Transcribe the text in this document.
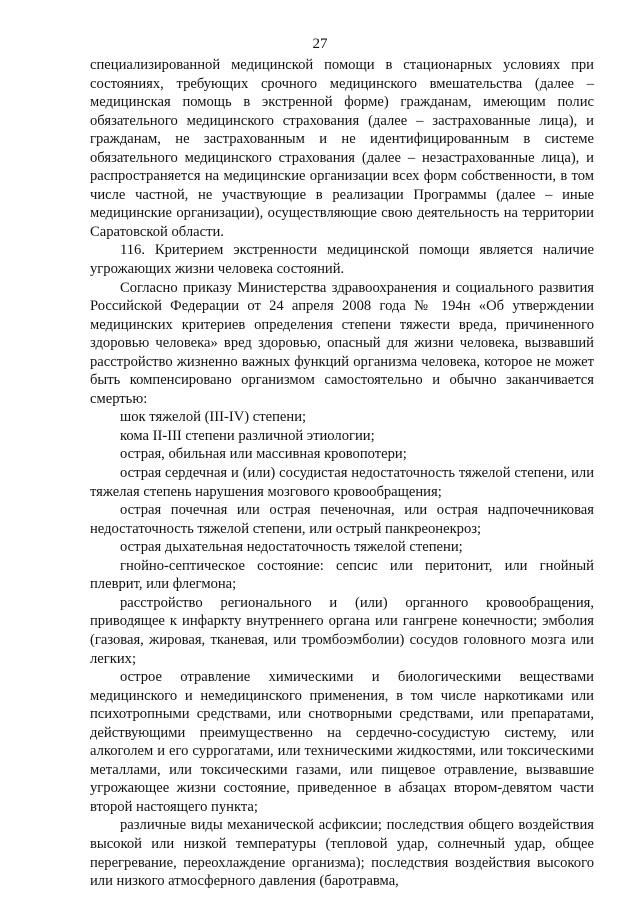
27

специализированной медицинской помощи в стационарных условиях при состояниях, требующих срочного медицинского вмешательства (далее – медицинская помощь в экстренной форме) гражданам, имеющим полис обязательного медицинского страхования (далее – застрахованные лица), и гражданам, не застрахованным и не идентифицированным в системе обязательного медицинского страхования (далее – незастрахованные лица), и распространяется на медицинские организации всех форм собственности, в том числе частной, не участвующие в реализации Программы (далее – иные медицинские организации), осуществляющие свою деятельность на территории Саратовской области.

116. Критерием экстренности медицинской помощи является наличие угрожающих жизни человека состояний.

Согласно приказу Министерства здравоохранения и социального развития Российской Федерации от 24 апреля 2008 года № 194н «Об утверждении медицинских критериев определения степени тяжести вреда, причиненного здоровью человека» вред здоровью, опасный для жизни человека, вызвавший расстройство жизненно важных функций организма человека, которое не может быть компенсировано организмом самостоятельно и обычно заканчивается смертью:

шок тяжелой (III-IV) степени;

кома II-III степени различной этиологии;

острая, обильная или массивная кровопотери;

острая сердечная и (или) сосудистая недостаточность тяжелой степени, или тяжелая степень нарушения мозгового кровообращения;

острая почечная или острая печеночная, или острая надпочечниковая недостаточность тяжелой степени, или острый панкреонекроз;

острая дыхательная недостаточность тяжелой степени;

гнойно-септическое состояние: сепсис или перитонит, или гнойный плеврит, или флегмона;

расстройство регионального и (или) органного кровообращения, приводящее к инфаркту внутреннего органа или гангрене конечности; эмболия (газовая, жировая, тканевая, или тромбоэмболии) сосудов головного мозга или легких;

острое отравление химическими и биологическими веществами медицинского и немедицинского применения, в том числе наркотиками или психотропными средствами, или снотворными средствами, или препаратами, действующими преимущественно на сердечно-сосудистую систему, или алкоголем и его суррогатами, или техническими жидкостями, или токсическими металлами, или токсическими газами, или пищевое отравление, вызвавшие угрожающее жизни состояние, приведенное в абзацах втором-девятом части второй настоящего пункта;

различные виды механической асфиксии; последствия общего воздействия высокой или низкой температуры (тепловой удар, солнечный удар, общее перегревание, переохлаждение организма); последствия воздействия высокого или низкого атмосферного давления (баротравма,
